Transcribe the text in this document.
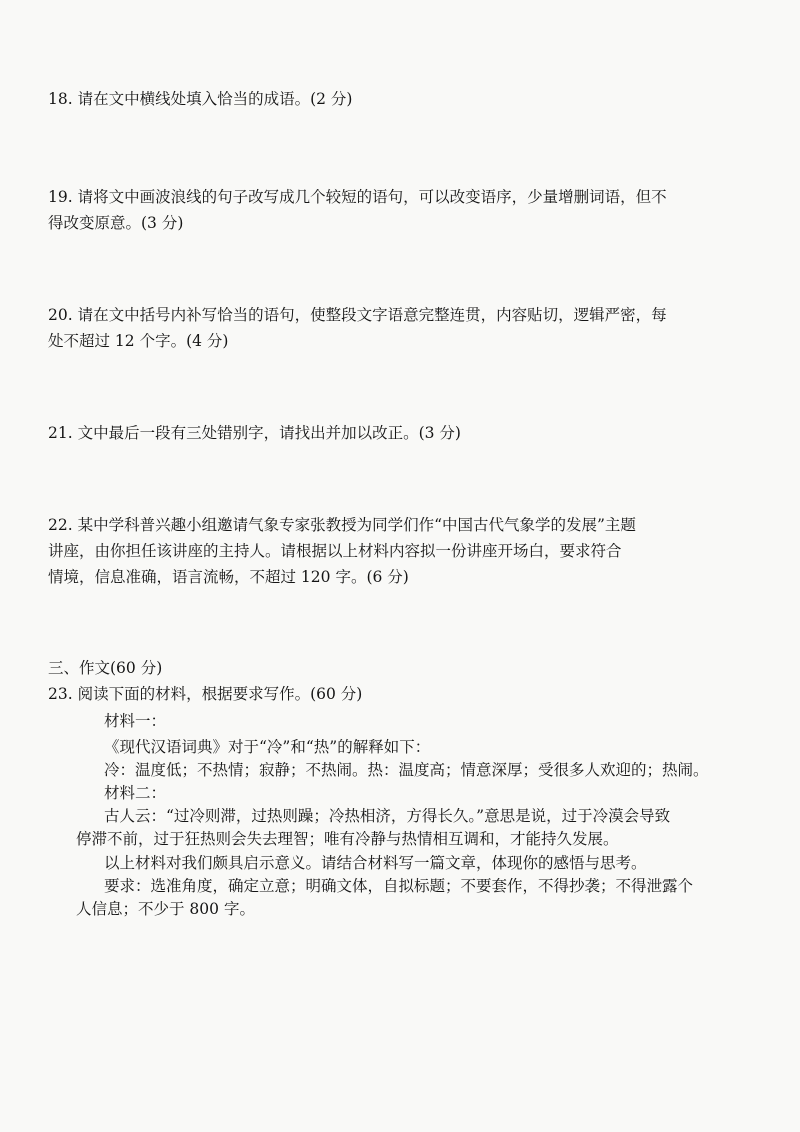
18. 请在文中横线处填入恰当的成语。(2 分)
19. 请将文中画波浪线的句子改写成几个较短的语句，可以改变语序，少量增删词语，但不
得改变原意。(3 分)
20. 请在文中括号内补写恰当的语句，使整段文字语意完整连贯，内容贴切，逻辑严密，每
处不超过 12 个字。(4 分)
21. 文中最后一段有三处错别字，请找出并加以改正。(3 分)
22. 某中学科普兴趣小组邀请气象专家张教授为同学们作“中国古代气象学的发展”主题
讲座，由你担任该讲座的主持人。请根据以上材料内容拟一份讲座开场白，要求符合
情境，信息准确，语言流畅，不超过 120 字。(6 分)
三、作文(60 分)
23. 阅读下面的材料，根据要求写作。(60 分)
材料一：
《现代汉语词典》对于“冷”和“热”的解释如下：
冷：温度低；不热情；寂静；不热闹。热：温度高；情意深厚；受很多人欢迎的；热闹。
材料二：
古人云：“过冷则滞，过热则躁；冷热相济，方得长久。”意思是说，过于冷漠会导致
停滞不前，过于狂热则会失去理智；唯有冷静与热情相互调和，才能持久发展。
以上材料对我们颇具启示意义。请结合材料写一篇文章，体现你的感悟与思考。
要求：选准角度，确定立意；明确文体，自拟标题；不要套作，不得抄袭；不得泄露个
人信息；不少于 800 字。
